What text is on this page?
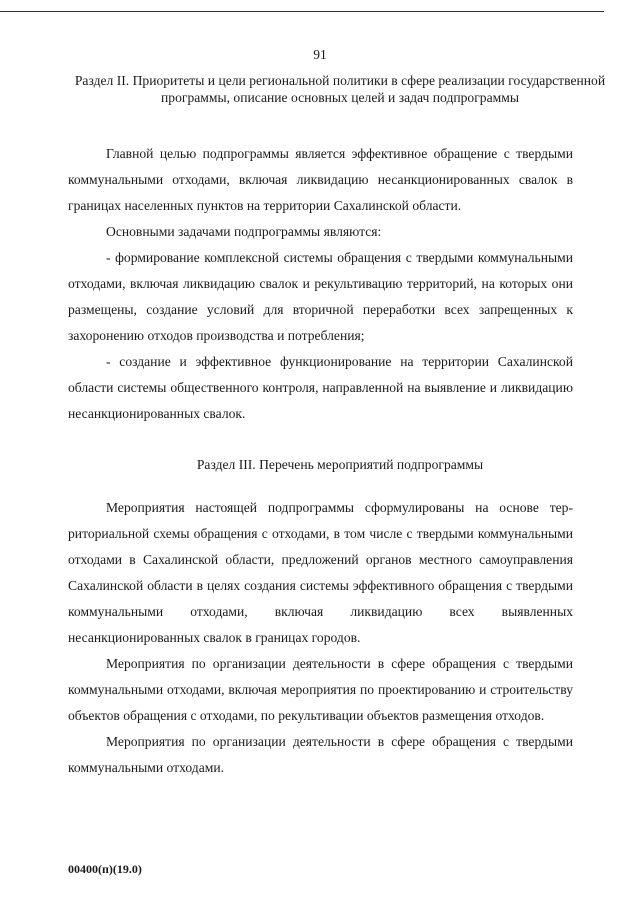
91
Раздел II. Приоритеты и цели региональной политики в сфере реализации государственной программы, описание основных целей и задач подпрограммы

Главной целью подпрограммы является эффективное обращение с твердыми коммунальными отходами, включая ликвидацию несанкционированных свалок в границах населенных пунктов на территории Сахалинской области.

Основными задачами подпрограммы являются:

- формирование комплексной системы обращения с твердыми коммунальными отходами, включая ликвидацию свалок и рекультивацию территорий, на которых они размещены, создание условий для вторичной переработки всех запрещенных к захоронению отходов производства и потребления;

- создание и эффективное функционирование на территории Сахалинской области системы общественного контроля, направленной на выявление и ликвидацию несанкционированных свалок.

Раздел III. Перечень мероприятий подпрограммы

Мероприятия настоящей подпрограммы сформулированы на основе территориальной схемы обращения с отходами, в том числе с твердыми коммунальными отходами в Сахалинской области, предложений органов местного самоуправления Сахалинской области в целях создания системы эффективного обращения с твердыми коммунальными отходами, включая ликвидацию всех выявленных несанкционированных свалок в границах городов.

Мероприятия по организации деятельности в сфере обращения с твердыми коммунальными отходами, включая мероприятия по проектированию и строительству объектов обращения с отходами, по рекультивации объектов размещения отходов.

Мероприятия по организации деятельности в сфере обращения с твердыми коммунальными отходами.

00400(п)(19.0)
